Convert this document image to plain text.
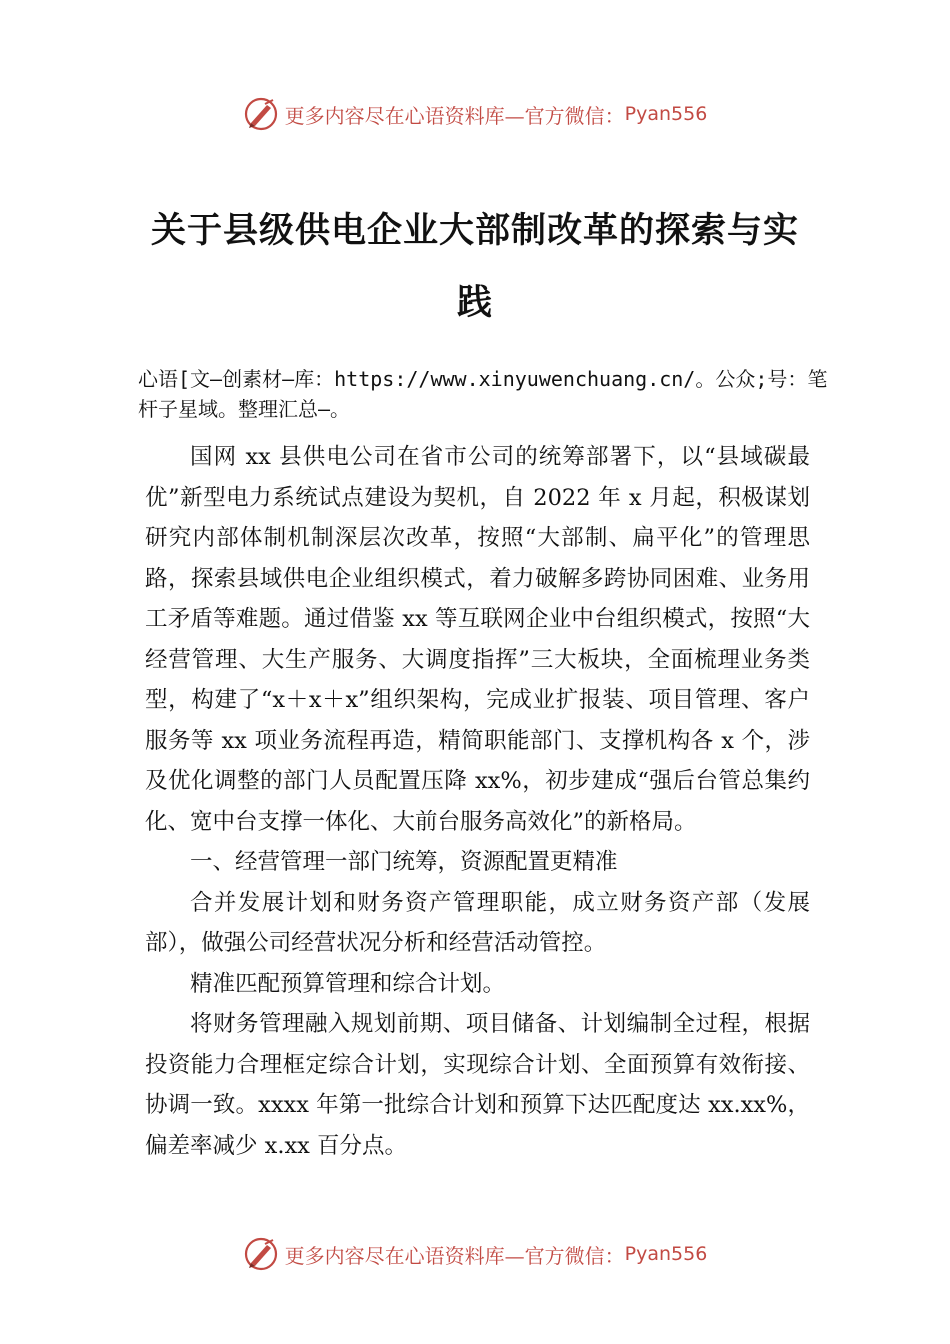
更多内容尽在心语资料库—官方微信： Pyan556
关于县级供电企业大部制改革的探索与实践
心语[文—创素材—库：https://www.xinyuwenchuang.cn/。公众;号：笔杆子星域。整理汇总—。

国网 xx 县供电公司在省市公司的统筹部署下，以“县域碳最优”新型电力系统试点建设为契机，自 2022 年 x 月起，积极谋划研究内部体制机制深层次改革，按照“大部制、扁平化”的管理思路，探索县域供电企业组织模式，着力破解多跨协同困难、业务用工矛盾等难题。通过借鉴 xx 等互联网企业中台组织模式，按照“大经营管理、大生产服务、大调度指挥”三大板块，全面梳理业务类型，构建了“x＋x＋x”组织架构，完成业扩报装、项目管理、客户服务等 xx 项业务流程再造，精简职能部门、支撑机构各 x 个，涉及优化调整的部门人员配置压降 xx%，初步建成“强后台管总集约化、宽中台支撑一体化、大前台服务高效化”的新格局。

一、经营管理一部门统筹，资源配置更精准

合并发展计划和财务资产管理职能，成立财务资产部（发展部），做强公司经营状况分析和经营活动管控。

精准匹配预算管理和综合计划。

将财务管理融入规划前期、项目储备、计划编制全过程，根据投资能力合理框定综合计划，实现综合计划、全面预算有效衔接、协调一致。xxxx 年第一批综合计划和预算下达匹配度达 xx.xx%，偏差率减少 x.xx 百分点。

更多内容尽在心语资料库—官方微信： Pyan556
